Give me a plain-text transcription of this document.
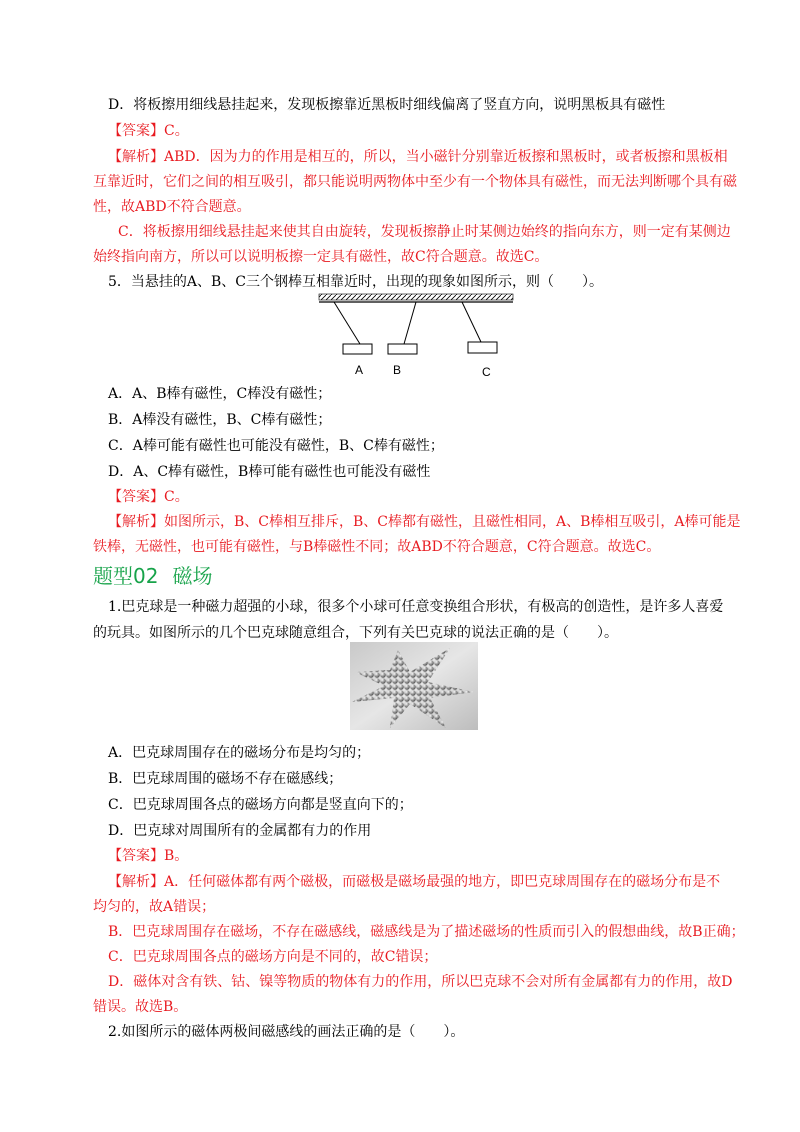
D．将板擦用细线悬挂起来，发现板擦靠近黑板时细线偏离了竖直方向，说明黑板具有磁性
【答案】C。
【解析】ABD．因为力的作用是相互的，所以，当小磁针分别靠近板擦和黑板时，或者板擦和黑板相
互靠近时，它们之间的相互吸引，都只能说明两物体中至少有一个物体具有磁性，而无法判断哪个具有磁
性，故ABD不符合题意。
C．将板擦用细线悬挂起来使其自由旋转，发现板擦静止时某侧边始终的指向东方，则一定有某侧边
始终指向南方，所以可以说明板擦一定具有磁性，故C符合题意。故选C。
5．当悬挂的A、B、C三个钢棒互相靠近时，出现的现象如图所示，则（　　）。
A B	C
A．A、B棒有磁性，C棒没有磁性；
B．A棒没有磁性，B、C棒有磁性；
C．A棒可能有磁性也可能没有磁性，B、C棒有磁性；
D．A、C棒有磁性，B棒可能有磁性也可能没有磁性
【答案】C。
【解析】如图所示，B、C棒相互排斥，B、C棒都有磁性，且磁性相同，A、B棒相互吸引，A棒可能是
铁棒，无磁性，也可能有磁性，与B棒磁性不同；故ABD不符合题意，C符合题意。故选C。
题型02 磁场
1.巴克球是一种磁力超强的小球，很多个小球可任意变换组合形状，有极高的创造性，是许多人喜爱
的玩具。如图所示的几个巴克球随意组合，下列有关巴克球的说法正确的是（　　）。
A．巴克球周围存在的磁场分布是均匀的；
B．巴克球周围的磁场不存在磁感线；
C．巴克球周围各点的磁场方向都是竖直向下的；
D．巴克球对周围所有的金属都有力的作用
【答案】B。
【解析】A．任何磁体都有两个磁极，而磁极是磁场最强的地方，即巴克球周围存在的磁场分布是不
均匀的，故A错误；
B．巴克球周围存在磁场，不存在磁感线，磁感线是为了描述磁场的性质而引入的假想曲线，故B正确；
C．巴克球周围各点的磁场方向是不同的，故C错误；
D．磁体对含有铁、钴、镍等物质的物体有力的作用，所以巴克球不会对所有金属都有力的作用，故D
错误。故选B。
2.如图所示的磁体两极间磁感线的画法正确的是（　　）。
